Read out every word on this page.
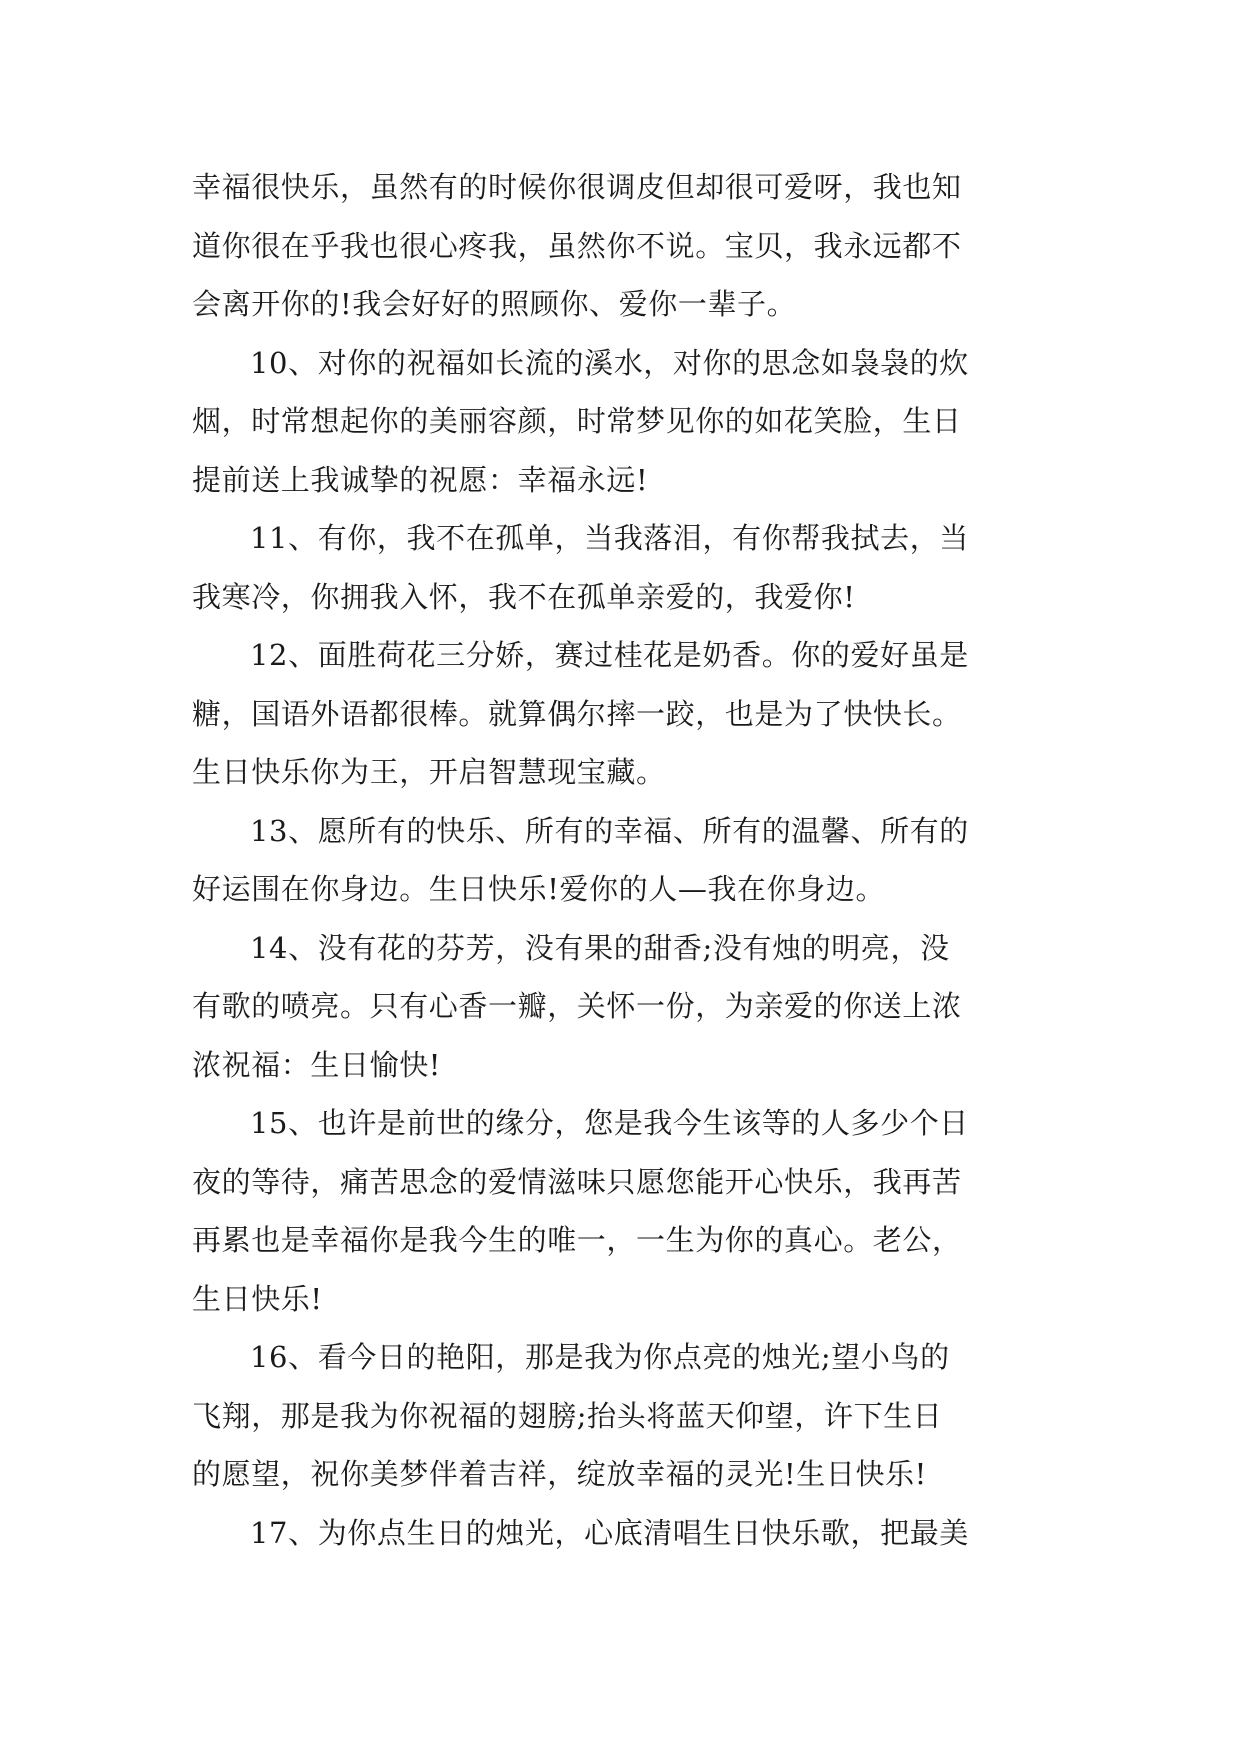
幸福很快乐，虽然有的时候你很调皮但却很可爱呀，我也知
道你很在乎我也很心疼我，虽然你不说。宝贝，我永远都不
会离开你的!我会好好的照顾你、爱你一辈子。
10、对你的祝福如长流的溪水，对你的思念如袅袅的炊
烟，时常想起你的美丽容颜，时常梦见你的如花笑脸，生日
提前送上我诚挚的祝愿：幸福永远!
11、有你，我不在孤单，当我落泪，有你帮我拭去，当
我寒冷，你拥我入怀，我不在孤单亲爱的，我爱你!
12、面胜荷花三分娇，赛过桂花是奶香。你的爱好虽是
糖，国语外语都很棒。就算偶尔摔一跤，也是为了快快长。
生日快乐你为王，开启智慧现宝藏。
13、愿所有的快乐、所有的幸福、所有的温馨、所有的
好运围在你身边。生日快乐!爱你的人—我在你身边。
14、没有花的芬芳，没有果的甜香;没有烛的明亮，没
有歌的喷亮。只有心香一瓣，关怀一份，为亲爱的你送上浓
浓祝福：生日愉快!
15、也许是前世的缘分，您是我今生该等的人多少个日
夜的等待，痛苦思念的爱情滋味只愿您能开心快乐，我再苦
再累也是幸福你是我今生的唯一，一生为你的真心。老公，
生日快乐!
16、看今日的艳阳，那是我为你点亮的烛光;望小鸟的
飞翔，那是我为你祝福的翅膀;抬头将蓝天仰望，许下生日
的愿望，祝你美梦伴着吉祥，绽放幸福的灵光!生日快乐!
17、为你点生日的烛光，心底清唱生日快乐歌，把最美
